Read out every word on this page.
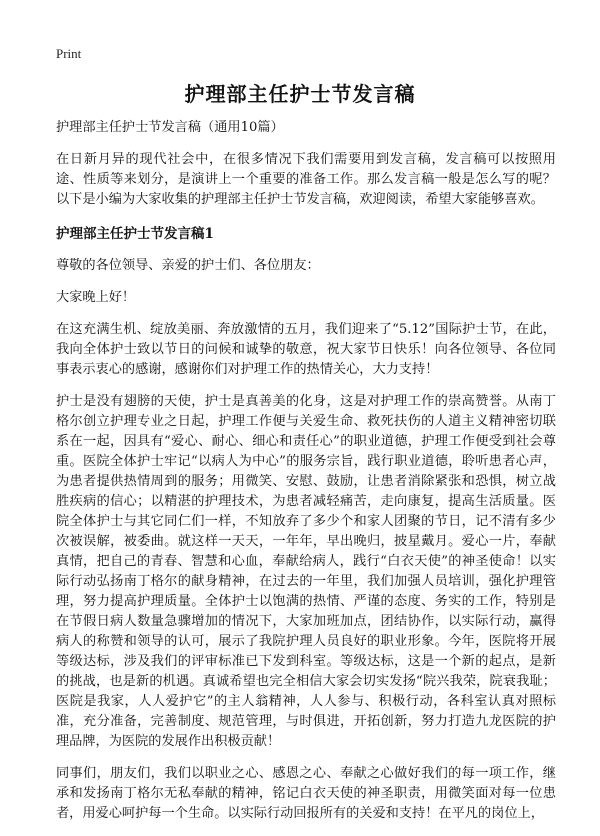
Print
护理部主任护士节发言稿

护理部主任护士节发言稿（通用10篇）

在日新月异的现代社会中，在很多情况下我们需要用到发言稿，发言稿可以按照用途、性质等来划分，是演讲上一个重要的准备工作。那么发言稿一般是怎么写的呢？以下是小编为大家收集的护理部主任护士节发言稿，欢迎阅读，希望大家能够喜欢。

护理部主任护士节发言稿1

尊敬的各位领导、亲爱的护士们、各位朋友：

大家晚上好！

在这充满生机、绽放美丽、奔放激情的五月，我们迎来了“5.12”国际护士节，在此，我向全体护士致以节日的问候和诚挚的敬意，祝大家节日快乐！向各位领导、各位同事表示衷心的感谢，感谢你们对护理工作的热情关心，大力支持！

护士是没有翅膀的天使，护士是真善美的化身，这是对护理工作的崇高赞誉。从南丁格尔创立护理专业之日起，护理工作便与关爱生命、救死扶伤的人道主义精神密切联系在一起，因具有“爱心、耐心、细心和责任心”的职业道德，护理工作便受到社会尊重。医院全体护士牢记“以病人为中心”的服务宗旨，践行职业道德，聆听患者心声，为患者提供热情周到的服务；用微笑、安慰、鼓励，让患者消除紧张和恐惧，树立战胜疾病的信心；以精湛的护理技术，为患者减轻痛苦，走向康复，提高生活质量。医院全体护士与其它同仁们一样，不知放弃了多少个和家人团聚的节日，记不清有多少次被误解，被委曲。就这样一天天，一年年，早出晚归，披星戴月。爱心一片，奉献真情，把自己的青春、智慧和心血，奉献给病人，践行“白衣天使”的神圣使命！以实际行动弘扬南丁格尔的献身精神，在过去的一年里，我们加强人员培训，强化护理管理，努力提高护理质量。全体护士以饱满的热情、严谨的态度、务实的工作，特别是在节假日病人数量急骤增加的情况下，大家加班加点，团结协作，以实际行动，赢得病人的称赞和领导的认可，展示了我院护理人员良好的职业形象。今年，医院将开展等级达标，涉及我们的评审标准已下发到科室。等级达标，这是一个新的起点，是新的挑战，也是新的机遇。真诚希望也完全相信大家会切实发扬“院兴我荣，院衰我耻；医院是我家，人人爱护它”的主人翁精神，人人参与、积极行动，各科室认真对照标准，充分准备，完善制度、规范管理，与时俱进，开拓创新，努力打造九龙医院的护理品牌，为医院的发展作出积极贡献！

同事们，朋友们，我们以职业之心、感恩之心、奉献之心做好我们的每一项工作，继承和发扬南丁格尔无私奉献的精神，铭记白衣天使的神圣职责，用微笑面对每一位患者，用爱心呵护每一个生命。以实际行动回报所有的关爱和支持！在平凡的岗位上，
